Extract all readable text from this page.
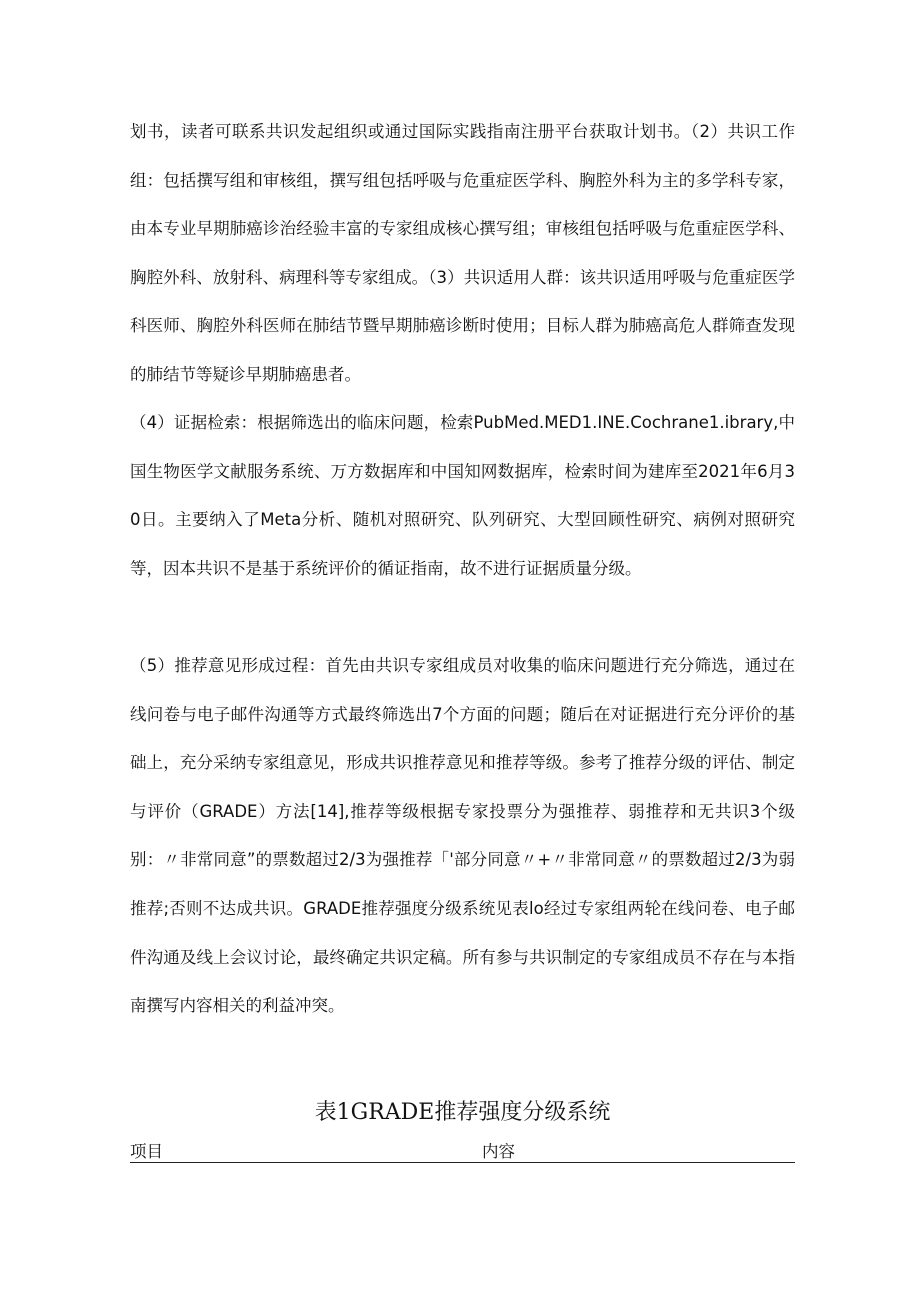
划书，读者可联系共识发起组织或通过国际实践指南注册平台获取计划书。（2）共识工作组：包括撰写组和审核组，撰写组包括呼吸与危重症医学科、胸腔外科为主的多学科专家，由本专业早期肺癌诊治经验丰富的专家组成核心撰写组；审核组包括呼吸与危重症医学科、胸腔外科、放射科、病理科等专家组成。（3）共识适用人群：该共识适用呼吸与危重症医学科医师、胸腔外科医师在肺结节暨早期肺癌诊断时使用；目标人群为肺癌高危人群筛查发现的肺结节等疑诊早期肺癌患者。

（4）证据检索：根据筛选出的临床问题，检索PubMed.MED1.INE.Cochrane1.ibrary,中国生物医学文献服务系统、万方数据库和中国知网数据库，检索时间为建库至2021年6月30日。主要纳入了Meta分析、随机对照研究、队列研究、大型回顾性研究、病例对照研究等，因本共识不是基于系统评价的循证指南，故不进行证据质量分级。

（5）推荐意见形成过程：首先由共识专家组成员对收集的临床问题进行充分筛选，通过在线问卷与电子邮件沟通等方式最终筛选出7个方面的问题；随后在对证据进行充分评价的基础上，充分采纳专家组意见，形成共识推荐意见和推荐等级。参考了推荐分级的评估、制定与评价（GRADE）方法[14],推荐等级根据专家投票分为强推荐、弱推荐和无共识3个级别：〃非常同意”的票数超过2/3为强推荐「'部分同意〃+〃非常同意〃的票数超过2/3为弱推荐;否则不达成共识。GRADE推荐强度分级系统见表lo经过专家组两轮在线问卷、电子邮件沟通及线上会议讨论，最终确定共识定稿。所有参与共识制定的专家组成员不存在与本指南撰写内容相关的利益冲突。

表1GRADE推荐强度分级系统
项目	内容
